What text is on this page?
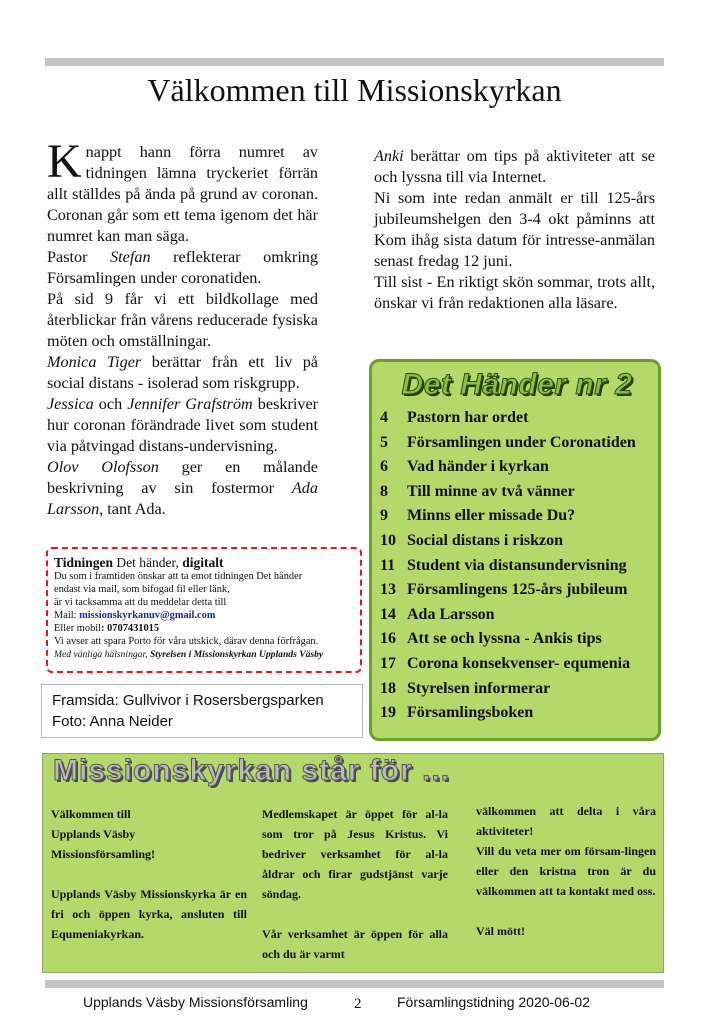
Välkommen till Missionskyrkan

Knappt hann förra numret av tidningen lämna tryckeriet förrän allt ställdes på ända på grund av coronan. Coronan går som ett tema igenom det här numret kan man säga.

Pastor Stefan reflekterar omkring Församlingen under coronatiden.

På sid 9 får vi ett bildkollage med återblickar från vårens reducerade fysiska möten och omställningar.

Monica Tiger berättar från ett liv på social distans - isolerad som riskgrupp.

Jessica och Jennifer Grafström beskriver hur coronan förändrade livet som student via påtvingad distans-undervisning.

Olov Olofsson ger en målande beskrivning av sin fostermor Ada Larsson, tant Ada.

Anki berättar om tips på aktiviteter att se och lyssna till via Internet.

Ni som inte redan anmält er till 125-års jubileumshelgen den 3-4 okt påminns att Kom ihåg sista datum för intresse-anmälan senast fredag 12 juni.

Till sist - En riktigt skön sommar, trots allt, önskar vi från redaktionen alla läsare.

Tidningen Det händer, digitalt
Du som i framtiden önskar att ta emot tidningen Det händer
endast via mail, som bifogad fil eller länk,
är vi tacksamma att du meddelar detta till
Mail: missionskyrkanuv@gmail.com
Eller mobil: 0707431015
Vi avser att spara Porto för våra utskick, därav denna förfrågan.
Med vänliga hälsningar, Styrelsen i Missionskyrkan Upplands Väsby
Framsida: Gullvivor i Rosersbergsparken
Foto: Anna Neider
Det Händer nr 2
4 Pastorn har ordet
5 Församlingen under Coronatiden
6 Vad händer i kyrkan
8 Till minne av två vänner
9 Minns eller missade Du?
10 Social distans i riskzon
11 Student via distansundervisning
13 Församlingens 125-års jubileum
14 Ada Larsson
16 Att se och lyssna - Ankis tips
17 Corona konsekvenser- equmenia
18 Styrelsen informerar
19 Församlingsboken
Missionskyrkan står för ...

Välkommen till

Upplands Väsby

Missionsförsamling!

Upplands Väsby Missionskyrka är en fri och öppen kyrka, ansluten till Equmeniakyrkan.

Medlemskapet är öppet för al-la som tror på Jesus Kristus. Vi bedriver verksamhet för al-la åldrar och firar gudstjänst varje söndag.

Vår verksamhet är öppen för alla och du är varmt

välkommen att delta i våra aktiviteter!

Vill du veta mer om försam-lingen eller den kristna tron är du välkommen att ta kontakt med oss.

Väl mött!

Upplands Väsby Missionsförsamling	2	Församlingstidning 2020-06-02
